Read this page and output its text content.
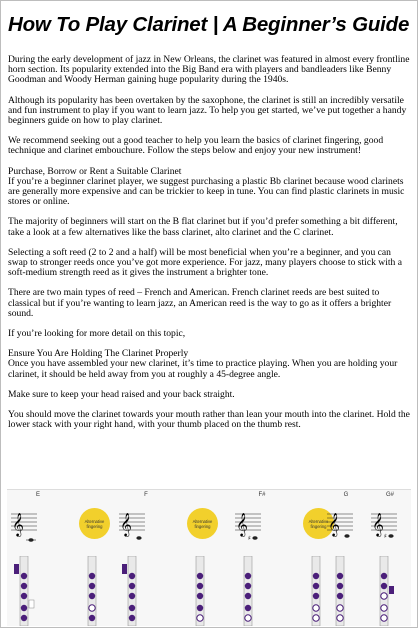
How To Play Clarinet | A Beginner’s Guide

During the early development of jazz in New Orleans, the clarinet was featured in almost every frontline horn section. Its popularity extended into the Big Band era with players and bandleaders like Benny Goodman and Woody Herman gaining huge popularity during the 1940s.

Although its popularity has been overtaken by the saxophone, the clarinet is still an incredibly versatile and fun instrument to play if you want to learn jazz. To help you get started, we’ve put together a handy beginners guide on how to play clarinet.

We recommend seeking out a good teacher to help you learn the basics of clarinet fingering, good technique and clarinet embouchure. Follow the steps below and enjoy your new instrument!

Purchase, Borrow or Rent a Suitable Clarinet
If you’re a beginner clarinet player, we suggest purchasing a plastic Bb clarinet because wood clarinets are generally more expensive and can be trickier to keep in tune. You can find plastic clarinets in music stores or online.

The majority of beginners will start on the B flat clarinet but if you’d prefer something a bit different, take a look at a few alternatives like the bass clarinet, alto clarinet and the C clarinet.

Selecting a soft reed (2 to 2 and a half) will be most beneficial when you’re a beginner, and you can swap to stronger reeds once you’ve got more experience. For jazz, many players choose to stick with a soft-medium strength reed as it gives the instrument a brighter tone.

There are two main types of reed – French and American. French clarinet reeds are best suited to classical but if you’re wanting to learn jazz, an American reed is the way to go as it offers a brighter sound.

If you’re looking for more detail on this topic,

Ensure You Are Holding The Clarinet Properly
Once you have assembled your new clarinet, it’s time to practice playing. When you are holding your clarinet, it should be held away from you at roughly a 45-degree angle.

Make sure to keep your head raised and your back straight.

You should move the clarinet towards your mouth rather than lean your mouth into the clarinet. Hold the lower stack with your right hand, with your thumb placed on the thumb rest.

E
𝄞	Alternative fingering
F
𝄞	Alternative fingering
F#
𝄞
♯
Alternative fingering
G
𝄞
G#
𝄞
♯
